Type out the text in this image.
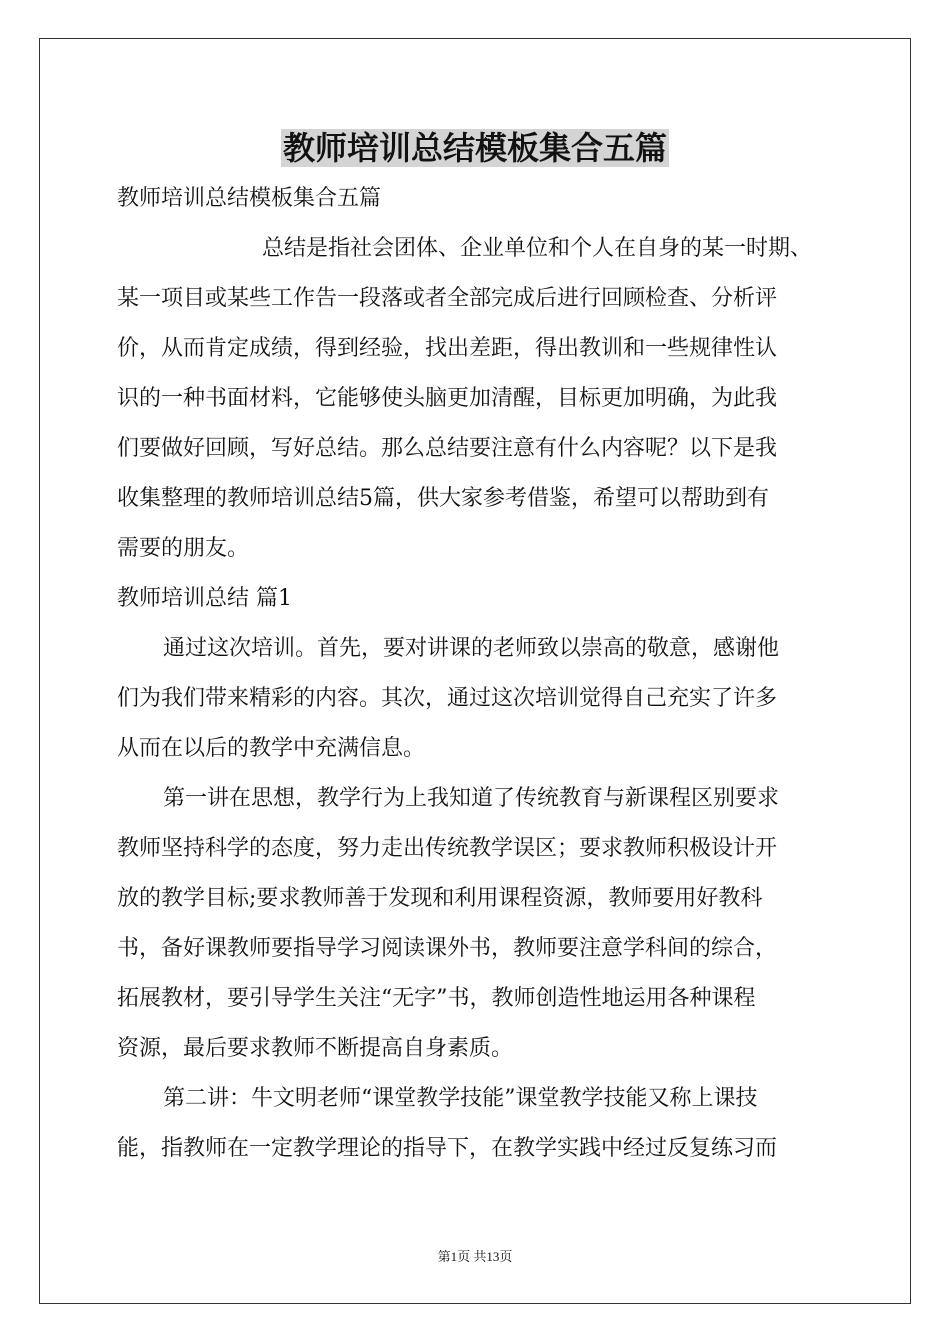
教师培训总结模板集合五篇
教师培训总结模板集合五篇
总结是指社会团体、企业单位和个人在自身的某一时期、
某一项目或某些工作告一段落或者全部完成后进行回顾检查、分析评
价，从而肯定成绩，得到经验，找出差距，得出教训和一些规律性认
识的一种书面材料，它能够使头脑更加清醒，目标更加明确，为此我
们要做好回顾，写好总结。那么总结要注意有什么内容呢？以下是我
收集整理的教师培训总结5篇，供大家参考借鉴，希望可以帮助到有
需要的朋友。
教师培训总结 篇1
通过这次培训。首先，要对讲课的老师致以崇高的敬意，感谢他
们为我们带来精彩的内容。其次，通过这次培训觉得自己充实了许多
从而在以后的教学中充满信息。
第一讲在思想，教学行为上我知道了传统教育与新课程区别要求
教师坚持科学的态度，努力走出传统教学误区；要求教师积极设计开
放的教学目标;要求教师善于发现和利用课程资源，教师要用好教科
书，备好课教师要指导学习阅读课外书，教师要注意学科间的综合，
拓展教材，要引导学生关注“无字”书，教师创造性地运用各种课程
资源，最后要求教师不断提高自身素质。
第二讲：牛文明老师“课堂教学技能”课堂教学技能又称上课技
能，指教师在一定教学理论的指导下，在教学实践中经过反复练习而
第1页 共13页
